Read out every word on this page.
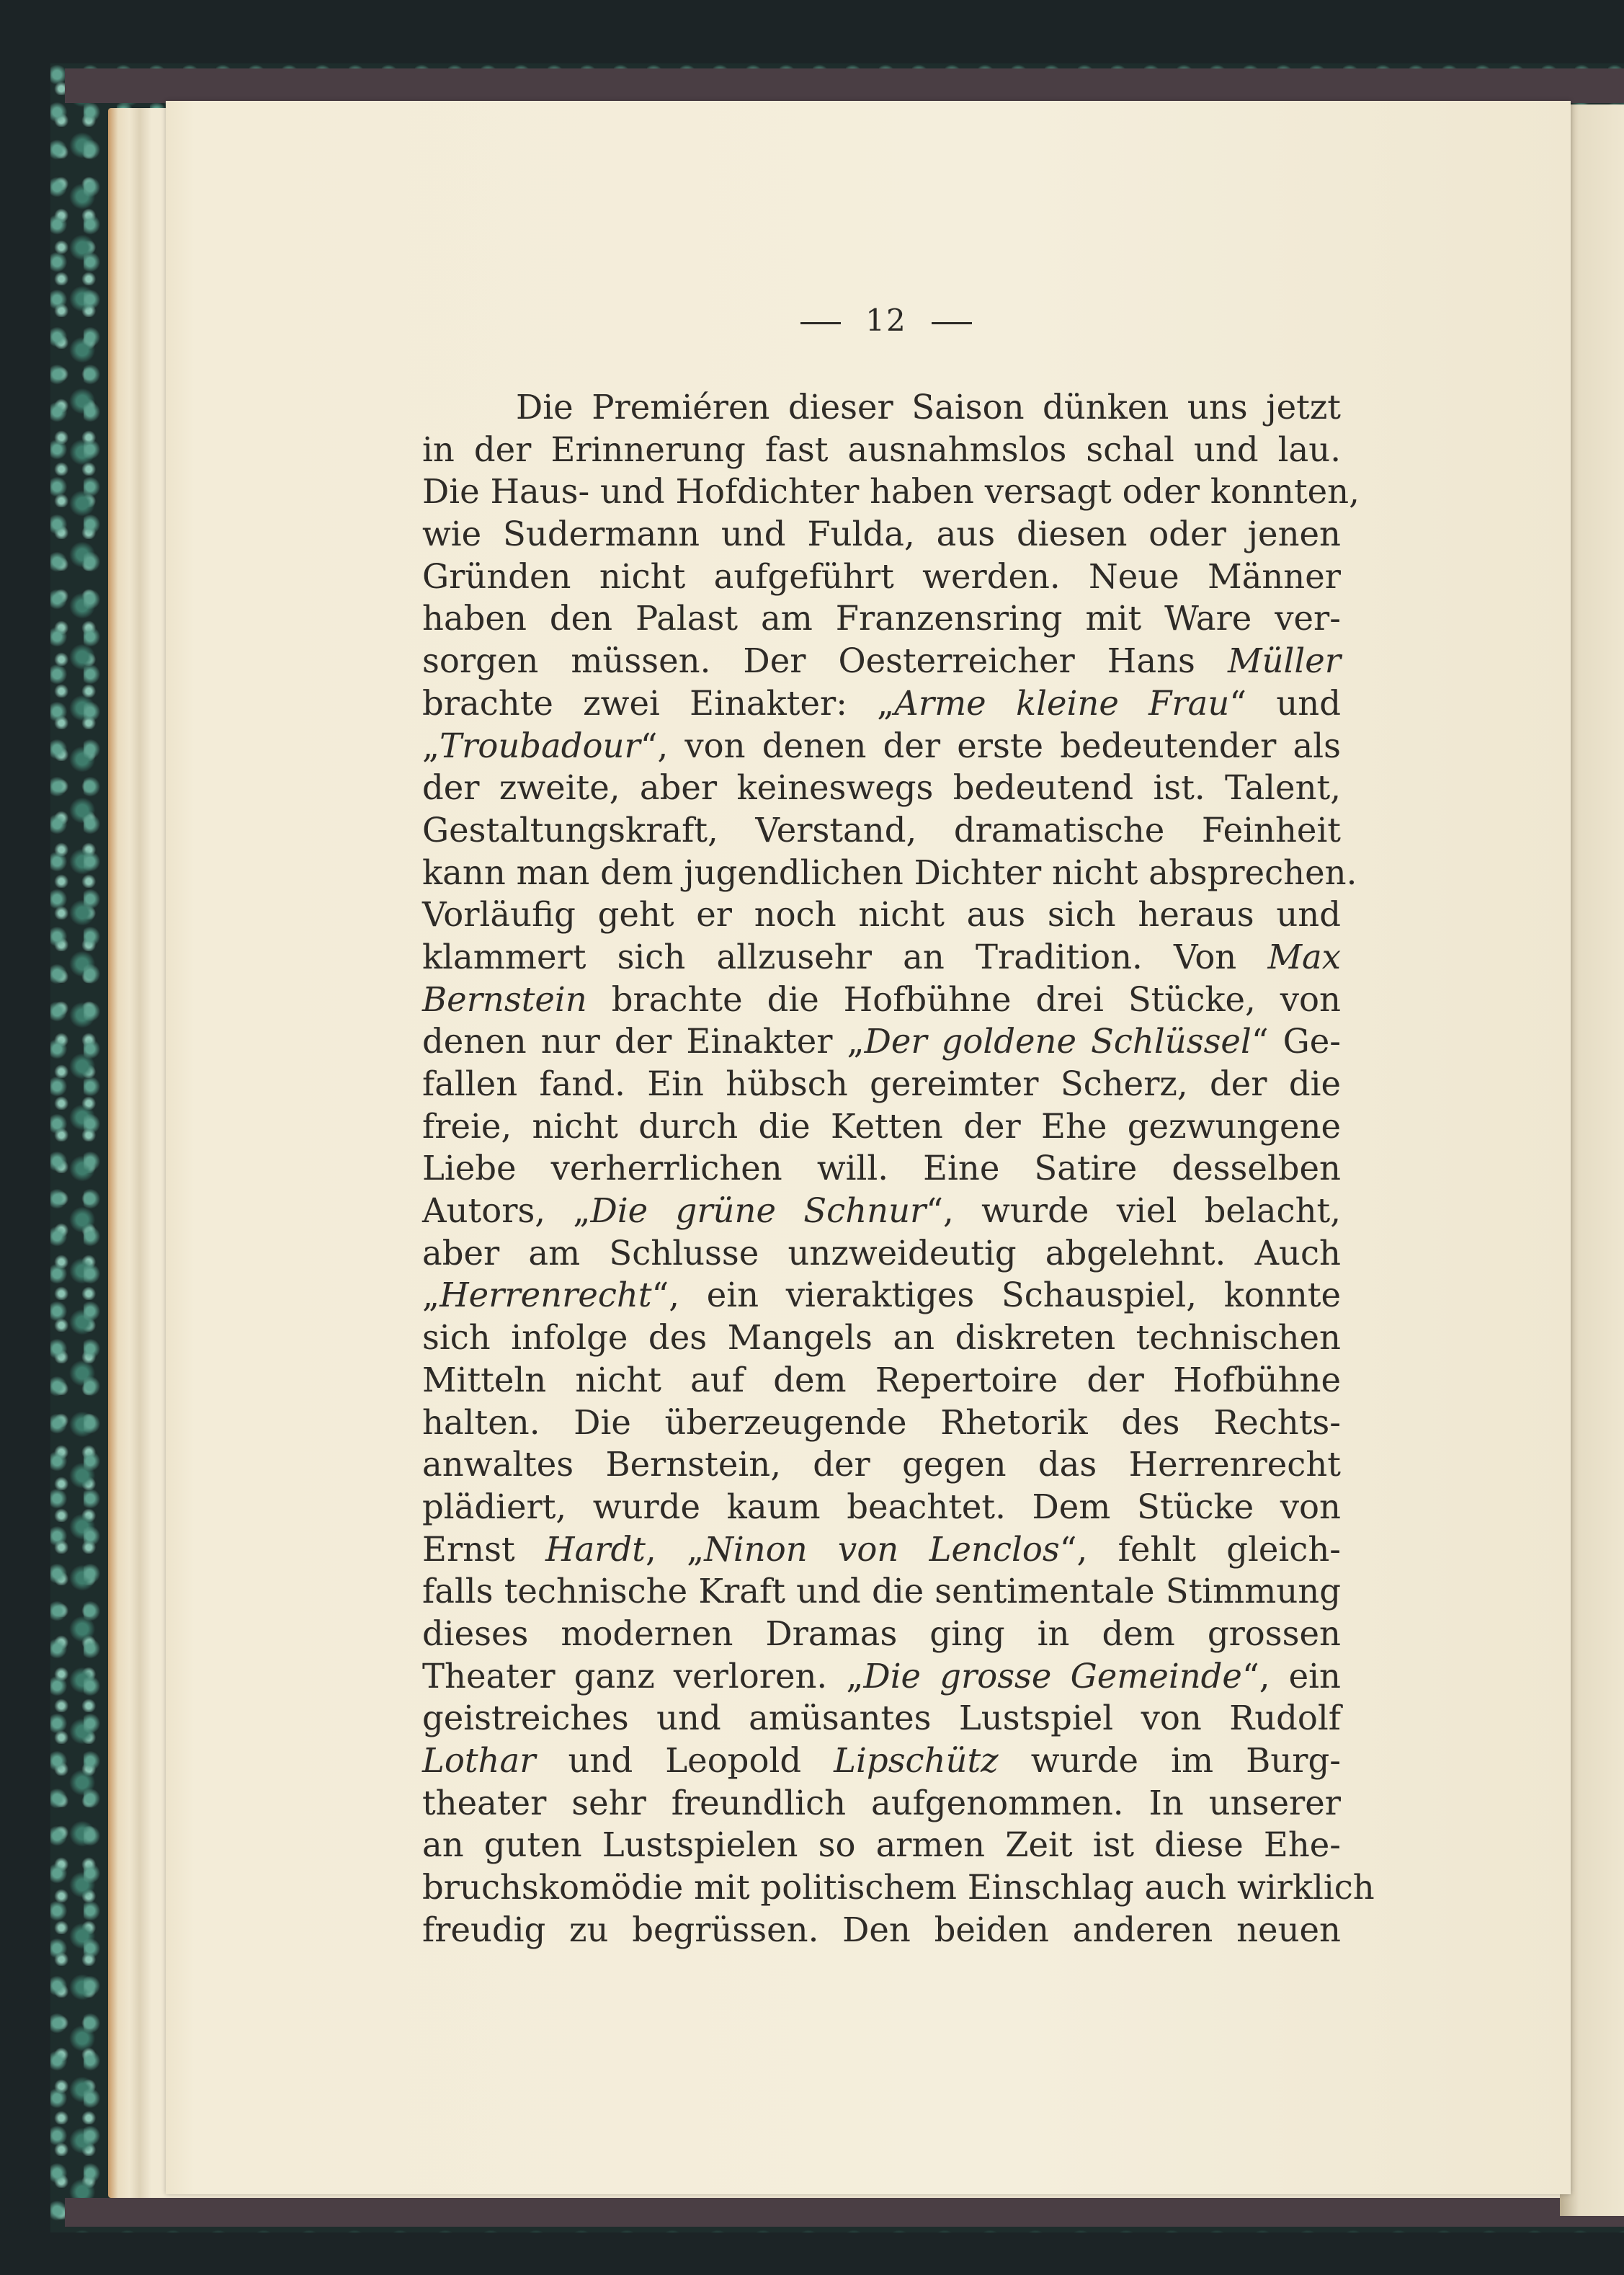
12
Die Premiéren dieser Saison dünken uns jetzt
in der Erinnerung fast ausnahmslos schal und lau.
Die Haus- und Hofdichter haben versagt oder konnten,
wie Sudermann und Fulda, aus diesen oder jenen
Gründen nicht aufgeführt werden. Neue Männer
haben den Palast am Franzensring mit Ware ver-
sorgen müssen. Der Oesterreicher Hans Müller
brachte zwei Einakter: „Arme kleine Frau“ und
„Troubadour“, von denen der erste bedeutender als
der zweite, aber keineswegs bedeutend ist. Talent,
Gestaltungskraft, Verstand, dramatische Feinheit
kann man dem jugendlichen Dichter nicht absprechen.
Vorläufig geht er noch nicht aus sich heraus und
klammert sich allzusehr an Tradition. Von Max
Bernstein brachte die Hofbühne drei Stücke, von
denen nur der Einakter „Der goldene Schlüssel“ Ge-
fallen fand. Ein hübsch gereimter Scherz, der die
freie, nicht durch die Ketten der Ehe gezwungene
Liebe verherrlichen will. Eine Satire desselben
Autors, „Die grüne Schnur“, wurde viel belacht,
aber am Schlusse unzweideutig abgelehnt. Auch
„Herrenrecht“, ein vieraktiges Schauspiel, konnte
sich infolge des Mangels an diskreten technischen
Mitteln nicht auf dem Repertoire der Hofbühne
halten. Die überzeugende Rhetorik des Rechts-
anwaltes Bernstein, der gegen das Herrenrecht
plädiert, wurde kaum beachtet. Dem Stücke von
Ernst Hardt, „Ninon von Lenclos“, fehlt gleich-
falls technische Kraft und die sentimentale Stimmung
dieses modernen Dramas ging in dem grossen
Theater ganz verloren. „Die grosse Gemeinde“, ein
geistreiches und amüsantes Lustspiel von Rudolf
Lothar und Leopold Lipschütz wurde im Burg-
theater sehr freundlich aufgenommen. In unserer
an guten Lustspielen so armen Zeit ist diese Ehe-
bruchskomödie mit politischem Einschlag auch wirklich
freudig zu begrüssen. Den beiden anderen neuen
